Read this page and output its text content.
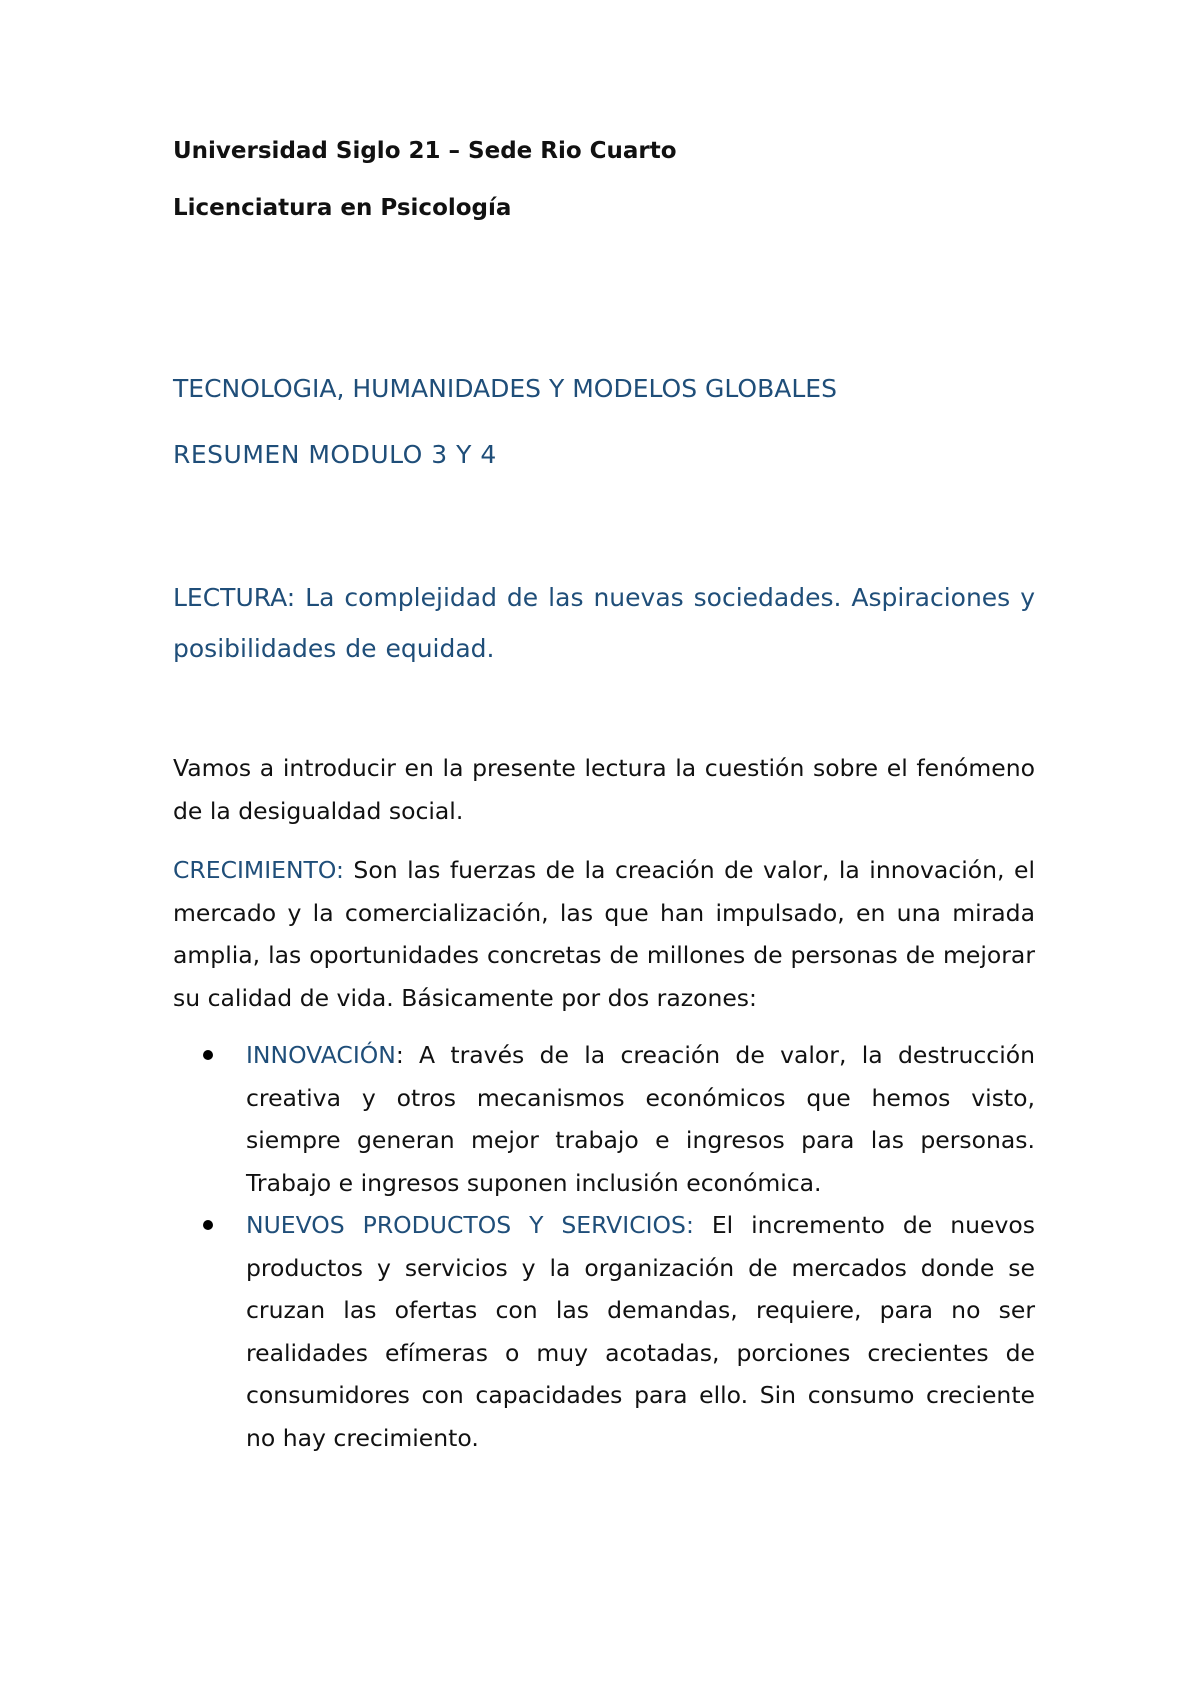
Universidad Siglo 21 – Sede Rio Cuarto

Licenciatura en Psicología

TECNOLOGIA, HUMANIDADES Y MODELOS GLOBALES

RESUMEN MODULO 3 Y 4

LECTURA: La complejidad de las nuevas sociedades. Aspiraciones y posibilidades de equidad.

Vamos a introducir en la presente lectura la cuestión sobre el fenómeno de la desigualdad social.

CRECIMIENTO: Son las fuerzas de la creación de valor, la innovación, el mercado y la comercialización, las que han impulsado, en una mirada amplia, las oportunidades concretas de millones de personas de mejorar su calidad de vida. Básicamente por dos razones:

INNOVACIÓN: A través de la creación de valor, la destrucción creativa y otros mecanismos económicos que hemos visto, siempre generan mejor trabajo e ingresos para las personas. Trabajo e ingresos suponen inclusión económica.
NUEVOS PRODUCTOS Y SERVICIOS: El incremento de nuevos productos y servicios y la organización de mercados donde se cruzan las ofertas con las demandas, requiere, para no ser realidades efímeras o muy acotadas, porciones crecientes de consumidores con capacidades para ello. Sin consumo creciente no hay crecimiento.
